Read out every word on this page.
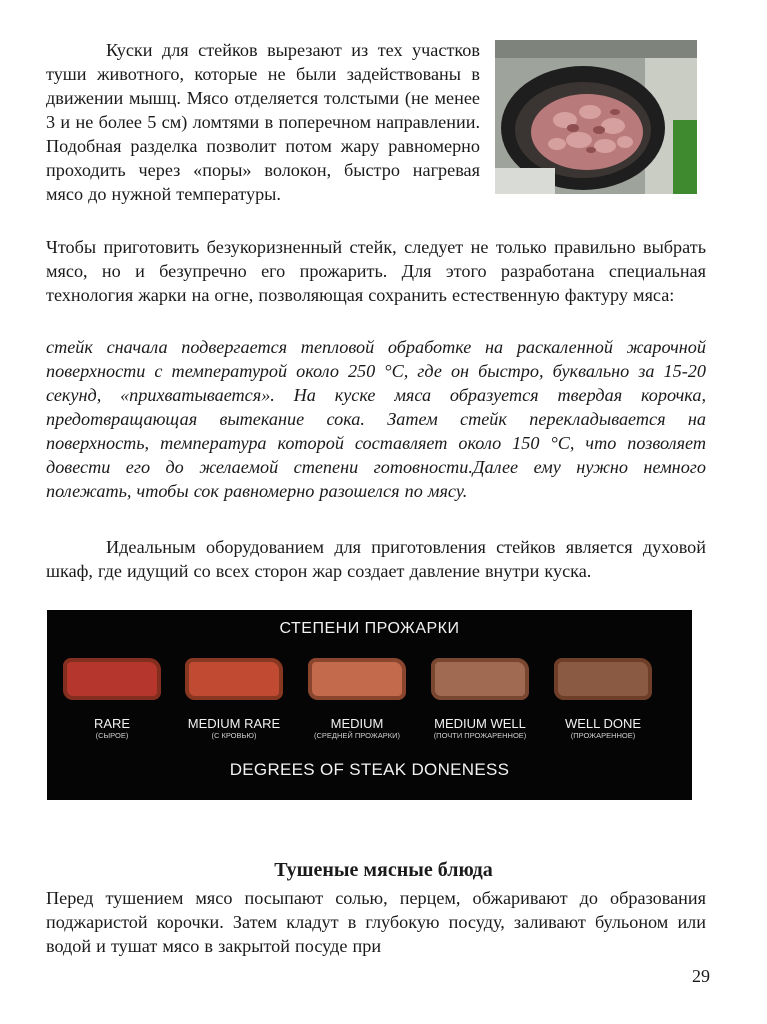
Куски для стейков вырезают из тех участков туши животного, которые не были задействованы в движении мышц. Мясо отделяется толстыми (не менее 3 и не более 5 см) ломтями в поперечном направлении. Подобная разделка позволит потом жару равномерно проходить через «поры» волокон, быстро нагревая мясо до нужной температуры.

Чтобы приготовить безукоризненный стейк, следует не только правильно выбрать мясо, но и безупречно его прожарить. Для этого разработана специальная технология жарки на огне, позволяющая сохранить естественную фактуру мяса:

стейк сначала подвергается тепловой обработке на раскаленной жарочной поверхности с температурой около 250 °С, где он быстро, буквально за 15-20 секунд, «прихватывается». На куске мяса образуется твердая корочка, предотвращающая вытекание сока. Затем стейк перекладывается на поверхность, температура которой составляет около 150 °С, что позволяет довести его до желаемой степени готовности.Далее ему нужно немного полежать, чтобы сок равномерно разошелся по мясу.

Идеальным оборудованием для приготовления стейков является духовой шкаф, где идущий со всех сторон жар создает давление внутри куска.

СТЕПЕНИ ПРОЖАРКИ
RARE
(СЫРОЕ)
MEDIUM RARE
(С КРОВЬЮ)
MEDIUM
(СРЕДНЕЙ ПРОЖАРКИ)
MEDIUM WELL
(ПОЧТИ ПРОЖАРЕННОЕ)
WELL DONE
(ПРОЖАРЕННОЕ)
DEGREES OF STEAK DONENESS
Тушеные мясные блюда

Перед тушением мясо посыпают солью, перцем, обжаривают до образования поджаристой корочки. Затем кладут в глубокую посуду, заливают бульоном или водой и тушат мясо в закрытой посуде при

29
